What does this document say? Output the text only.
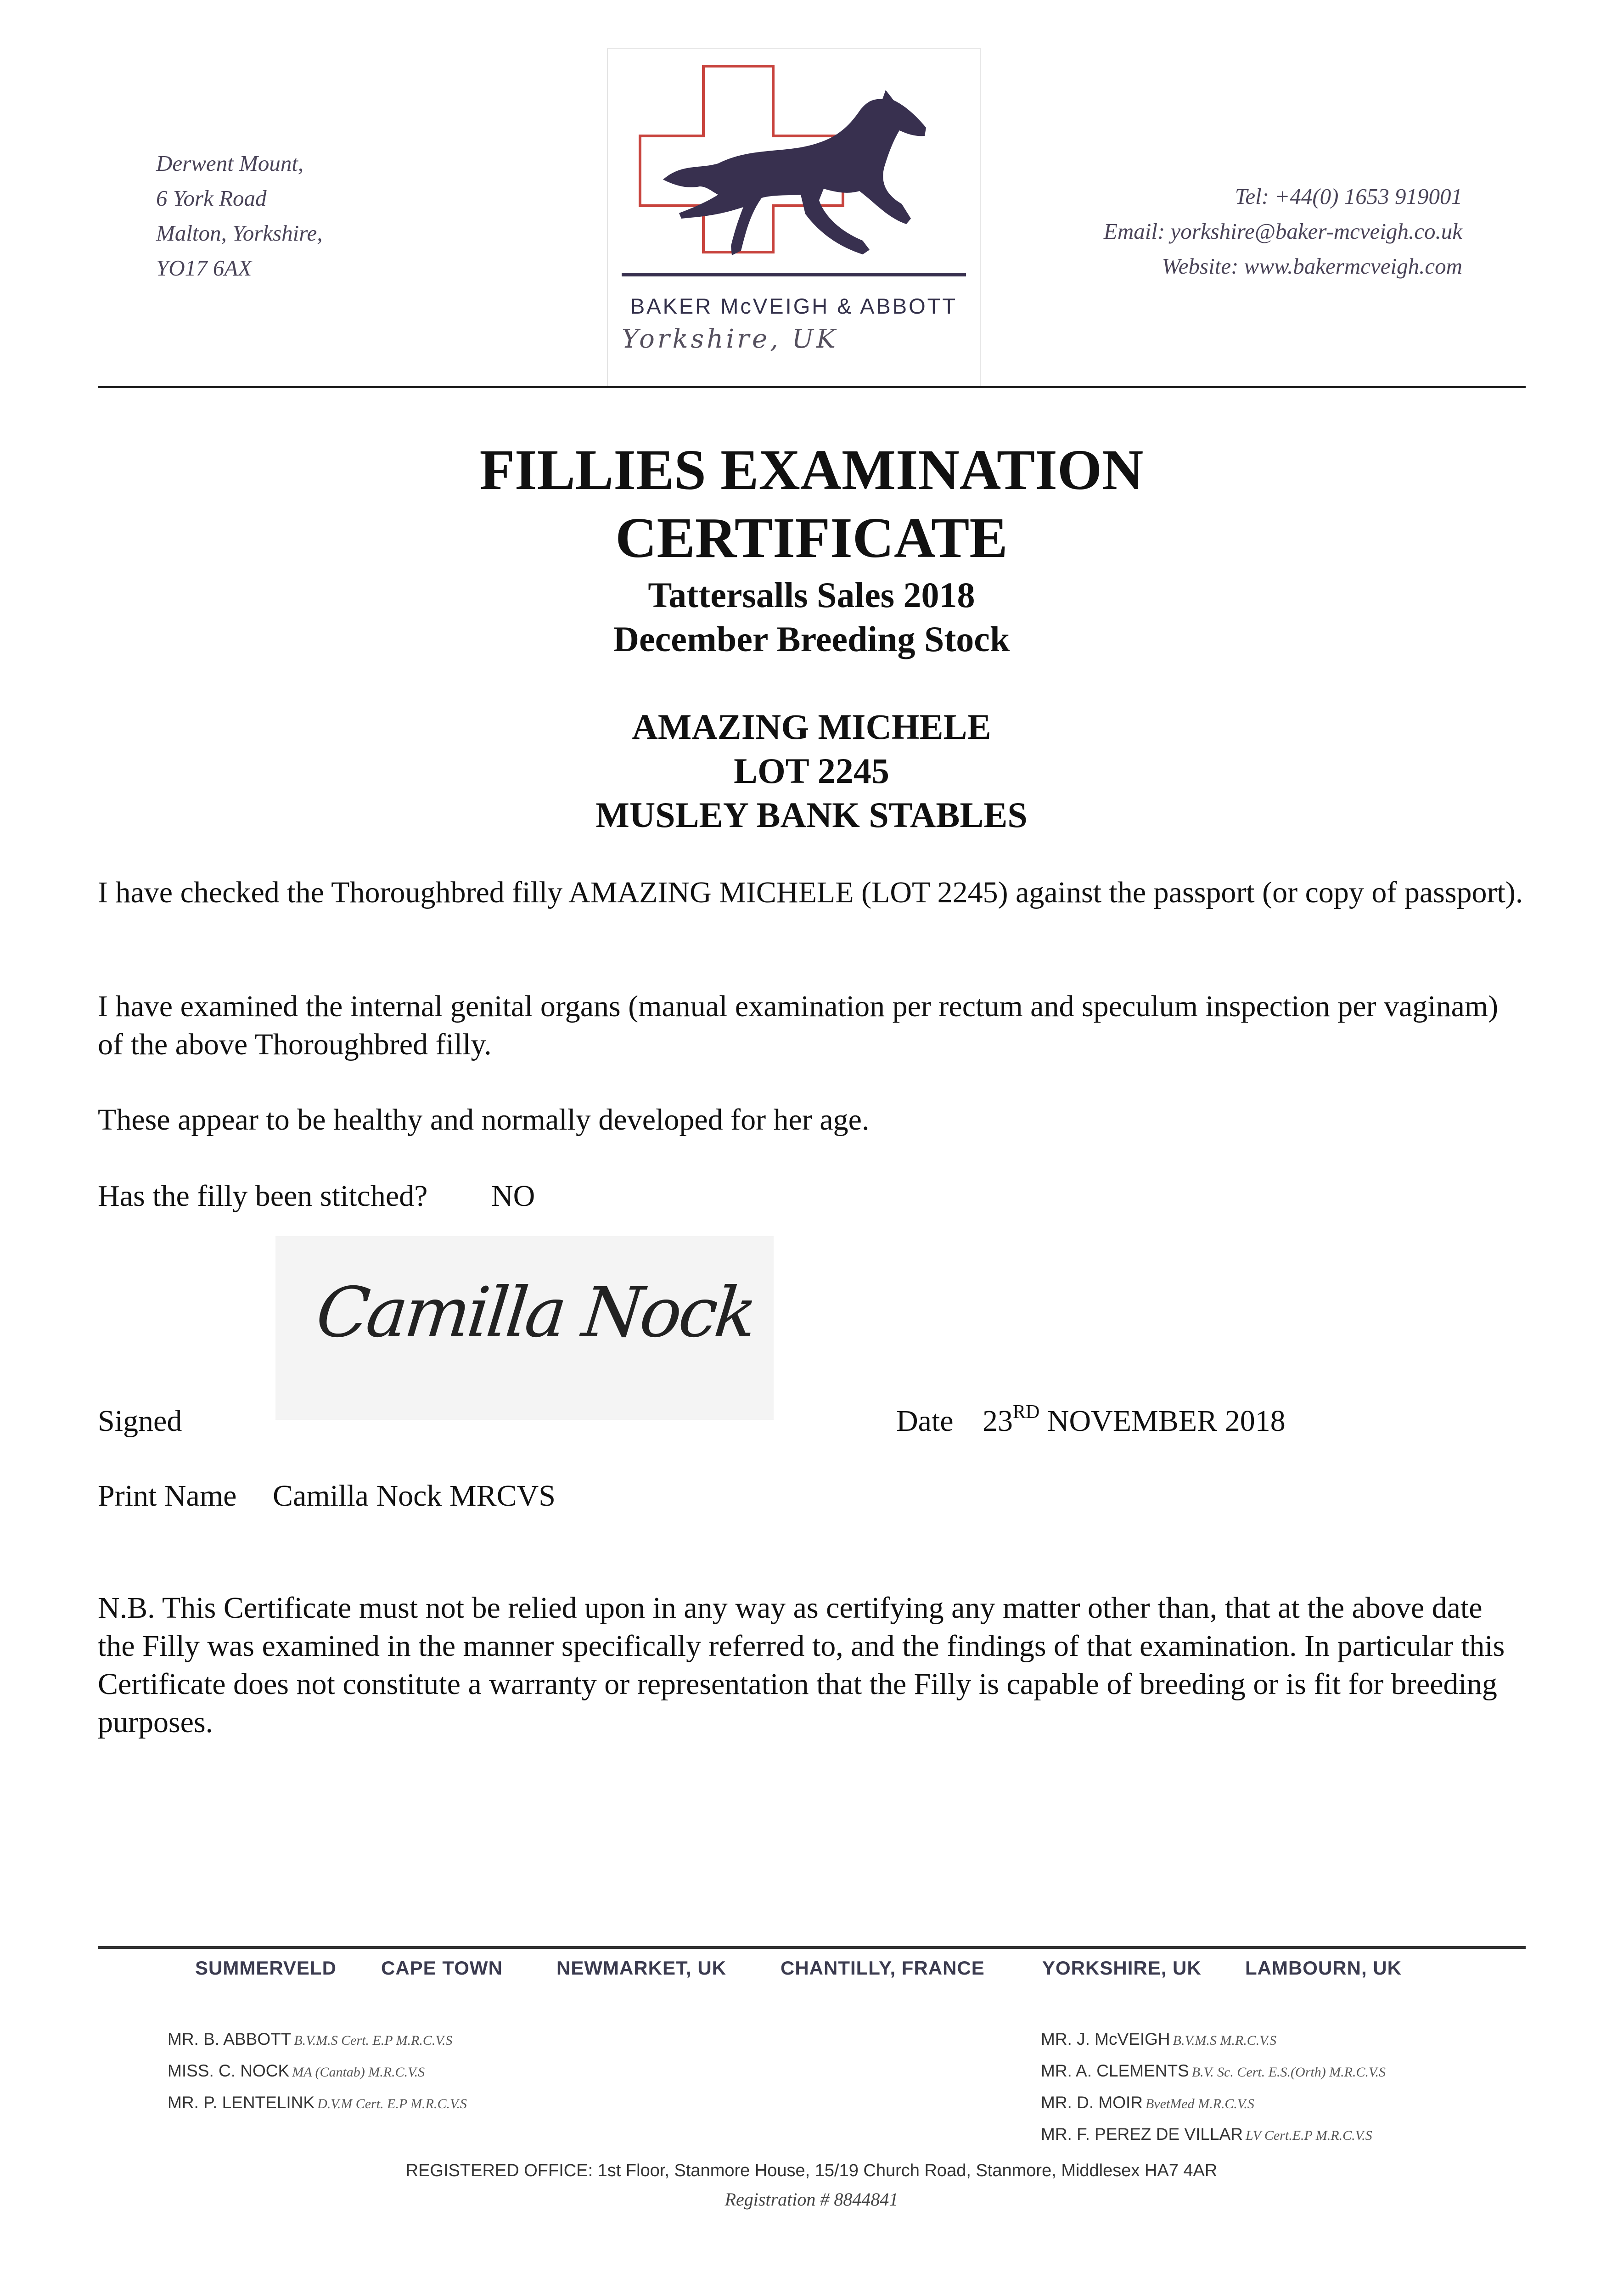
Derwent Mount,
6 York Road
Malton, Yorkshire,
YO17 6AX
BAKER McVEIGH & ABBOTT
Yorkshire, UK
Tel: +44(0) 1653 919001
Email: yorkshire@baker-mcveigh.co.uk
Website: www.bakermcveigh.com
FILLIES EXAMINATION
CERTIFICATE
Tattersalls Sales 2018
December Breeding Stock
AMAZING MICHELE
LOT 2245
MUSLEY BANK STABLES
I have checked the Thoroughbred filly AMAZING MICHELE (LOT 2245) against the passport (or copy of passport).
I have examined the internal genital organs (manual examination per rectum and speculum inspection per vaginam) of the above Thoroughbred filly.
These appear to be healthy and normally developed for her age.
Has the filly been stitched? NO
Camilla Nock
Signed	Date 23RD NOVEMBER 2018
Print Name Camilla Nock MRCVS
N.B. This Certificate must not be relied upon in any way as certifying any matter other than, that at the above date the Filly was examined in the manner specifically referred to, and the findings of that examination. In particular this Certificate does not constitute a warranty or representation that the Filly is capable of breeding or is fit for breeding purposes.
SUMMERVELD CAPE TOWN	NEWMARKET, UK	CHANTILLY, FRANCE	YORKSHIRE, UK LAMBOURN, UK
MR. B. ABBOTT B.V.M.S Cert. E.P M.R.C.V.S
MISS. C. NOCK MA (Cantab) M.R.C.V.S
MR. P. LENTELINK D.V.M Cert. E.P M.R.C.V.S
MR. J. McVEIGH B.V.M.S M.R.C.V.S
MR. A. CLEMENTS B.V. Sc. Cert. E.S.(Orth) M.R.C.V.S
MR. D. MOIR BvetMed M.R.C.V.S
MR. F. PEREZ DE VILLAR LV Cert.E.P M.R.C.V.S
REGISTERED OFFICE: 1st Floor, Stanmore House, 15/19 Church Road, Stanmore, Middlesex HA7 4AR
Registration # 8844841
